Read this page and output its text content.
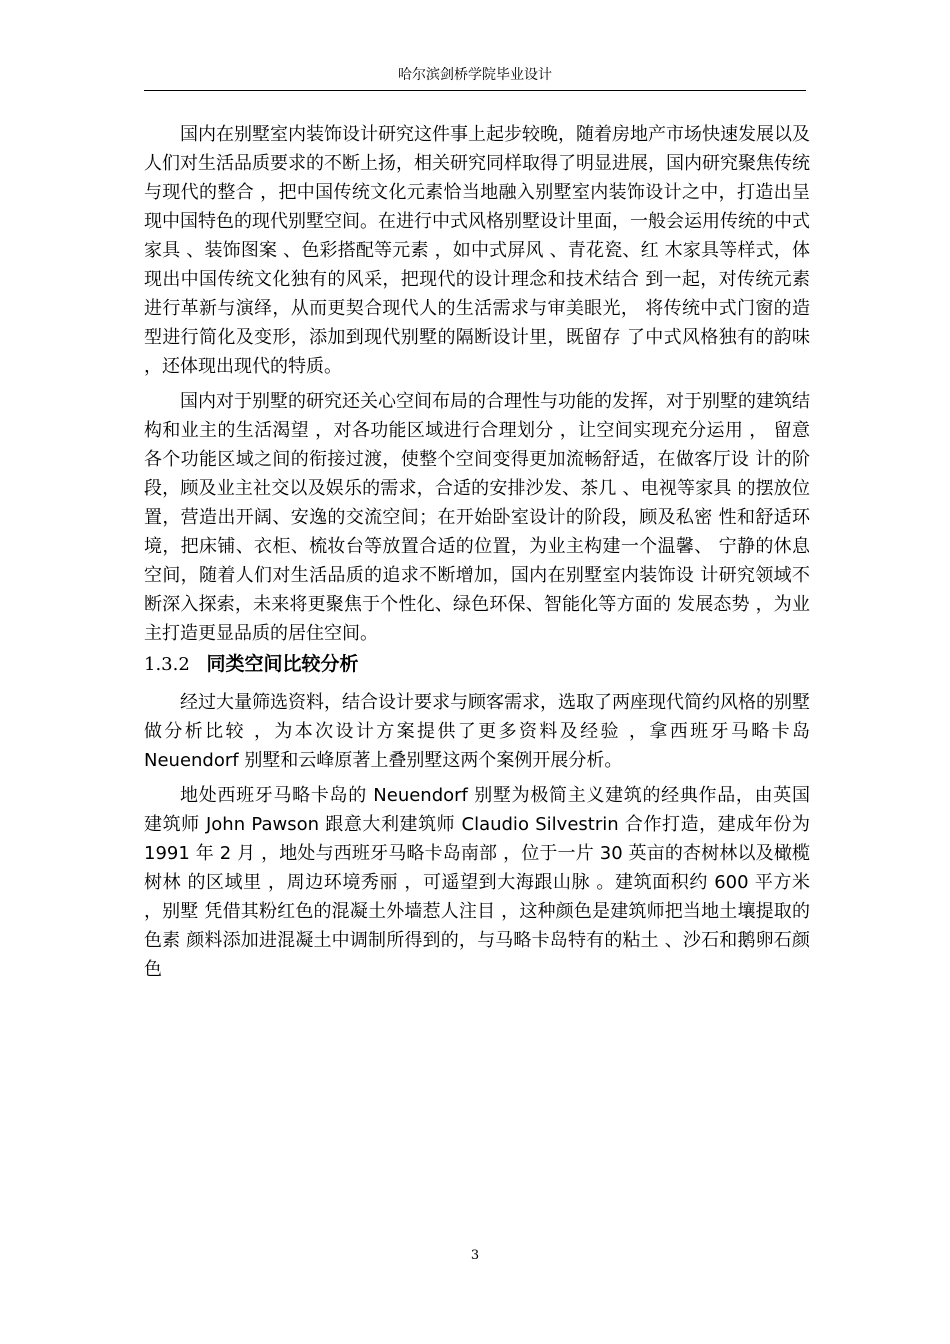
哈尔滨剑桥学院毕业设计

国内在别墅室内装饰设计研究这件事上起步较晚，随着房地产市场快速发展以及人们对生活品质要求的不断上扬，相关研究同样取得了明显进展，国内研究聚焦传统与现代的整合 ，把中国传统文化元素恰当地融入别墅室内装饰设计之中，打造出呈现中国特色的现代别墅空间。在进行中式风格别墅设计里面，一般会运用传统的中式家具 、装饰图案 、色彩搭配等元素 ，如中式屏风 、青花瓷、红 木家具等样式，体现出中国传统文化独有的风采，把现代的设计理念和技术结合 到一起，对传统元素进行革新与演绎，从而更契合现代人的生活需求与审美眼光， 将传统中式门窗的造型进行简化及变形，添加到现代别墅的隔断设计里，既留存 了中式风格独有的韵味 ，还体现出现代的特质。

国内对于别墅的研究还关心空间布局的合理性与功能的发挥，对于别墅的建筑结构和业主的生活渴望 ，对各功能区域进行合理划分 ，让空间实现充分运用 ， 留意各个功能区域之间的衔接过渡，使整个空间变得更加流畅舒适，在做客厅设 计的阶段，顾及业主社交以及娱乐的需求，合适的安排沙发、茶几 、电视等家具 的摆放位置，营造出开阔、安逸的交流空间；在开始卧室设计的阶段，顾及私密 性和舒适环境，把床铺、衣柜、梳妆台等放置合适的位置，为业主构建一个温馨、 宁静的休息空间，随着人们对生活品质的追求不断增加，国内在别墅室内装饰设 计研究领域不断深入探索，未来将更聚焦于个性化、绿色环保、智能化等方面的 发展态势 ，为业主打造更显品质的居住空间。

1.3.2 同类空间比较分析

经过大量筛选资料，结合设计要求与顾客需求，选取了两座现代简约风格的别墅做分析比较 ，为本次设计方案提供了更多资料及经验 ，拿西班牙马略卡岛 Neuendorf 别墅和云峰原著上叠别墅这两个案例开展分析。

地处西班牙马略卡岛的 Neuendorf 别墅为极简主义建筑的经典作品，由英国 建筑师 John Pawson 跟意大利建筑师 Claudio Silvestrin 合作打造，建成年份为 1991 年 2 月 ，地处与西班牙马略卡岛南部 ，位于一片 30 英亩的杏树林以及橄榄树林 的区域里 ，周边环境秀丽 ，可遥望到大海跟山脉 。建筑面积约 600 平方米 ，别墅 凭借其粉红色的混凝土外墙惹人注目 ，这种颜色是建筑师把当地土壤提取的色素 颜料添加进混凝土中调制所得到的，与马略卡岛特有的粘土 、沙石和鹅卵石颜色

3
